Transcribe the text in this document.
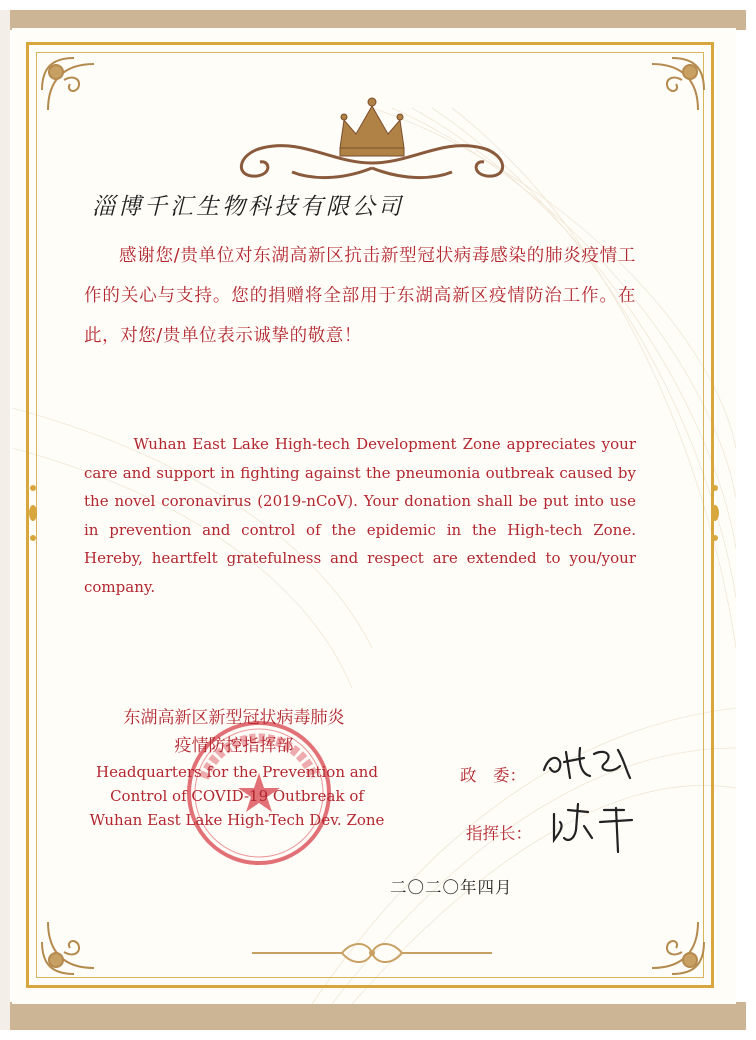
淄博千汇生物科技有限公司

感谢您/贵单位对东湖高新区抗击新型冠状病毒感染的肺炎疫情工作的关心与支持。您的捐赠将全部用于东湖高新区疫情防治工作。在此，对您/贵单位表示诚挚的敬意！

Wuhan East Lake High-tech Development Zone appreciates your care and support in fighting against the pneumonia outbreak caused by the novel coronavirus (2019-nCoV). Your donation shall be put into use in prevention and control of the epidemic in the High-tech Zone. Hereby, heartfelt gratefulness and respect are extended to you/your company.

东湖高新区新型冠状病毒肺炎
疫情防控指挥部
Headquarters for the Prevention and
Control of COVID-19 Outbreak of
Wuhan East Lake High-Tech Dev. Zone
政　委：
指挥长：
二〇二〇年四月
